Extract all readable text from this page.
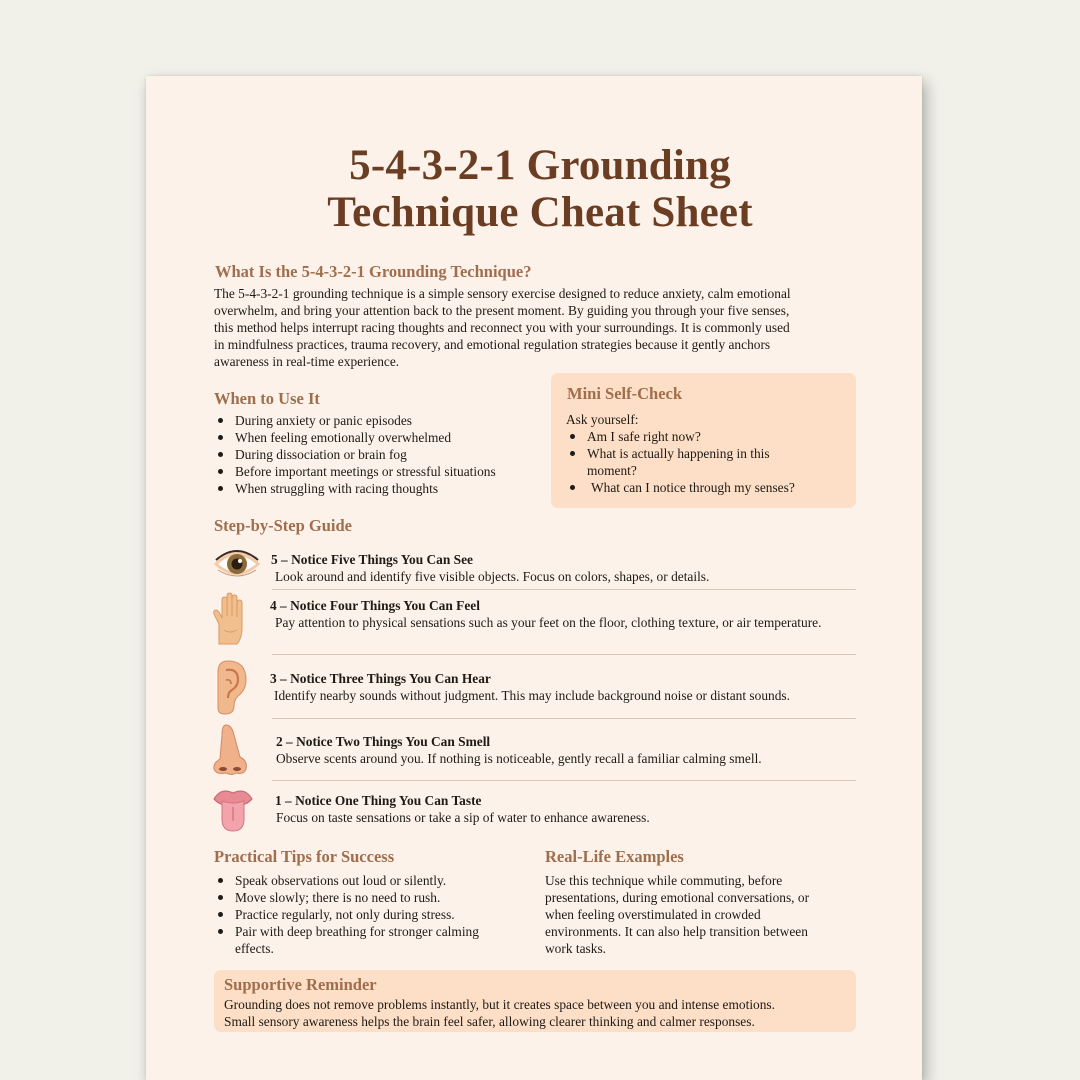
5-4-3-2-1 Grounding
Technique Cheat Sheet
What Is the 5-4-3-2-1 Grounding Technique?
The 5-4-3-2-1 grounding technique is a simple sensory exercise designed to reduce anxiety, calm emotional
overwhelm, and bring your attention back to the present moment. By guiding you through your five senses,
this method helps interrupt racing thoughts and reconnect you with your surroundings. It is commonly used
in mindfulness practices, trauma recovery, and emotional regulation strategies because it gently anchors
awareness in real-time experience.
When to Use It
During anxiety or panic episodes
When feeling emotionally overwhelmed
During dissociation or brain fog
Before important meetings or stressful situations
When struggling with racing thoughts
Mini Self-Check
Ask yourself:
Am I safe right now?
What is actually happening in this moment?
What can I notice through my senses?
Step-by-Step Guide

5 – Notice Five Things You Can See

Look around and identify five visible objects. Focus on colors, shapes, or details.

4 – Notice Four Things You Can Feel

Pay attention to physical sensations such as your feet on the floor, clothing texture, or air temperature.

3 – Notice Three Things You Can Hear

Identify nearby sounds without judgment. This may include background noise or distant sounds.

2 – Notice Two Things You Can Smell

Observe scents around you. If nothing is noticeable, gently recall a familiar calming smell.

1 – Notice One Thing You Can Taste

Focus on taste sensations or take a sip of water to enhance awareness.

Practical Tips for Success
Speak observations out loud or silently.
Move slowly; there is no need to rush.
Practice regularly, not only during stress.
Pair with deep breathing for stronger calming effects.
Real-Life Examples
Use this technique while commuting, before
presentations, during emotional conversations, or
when feeling overstimulated in crowded
environments. It can also help transition between
work tasks.
Supportive Reminder
Grounding does not remove problems instantly, but it creates space between you and intense emotions.
Small sensory awareness helps the brain feel safer, allowing clearer thinking and calmer responses.
